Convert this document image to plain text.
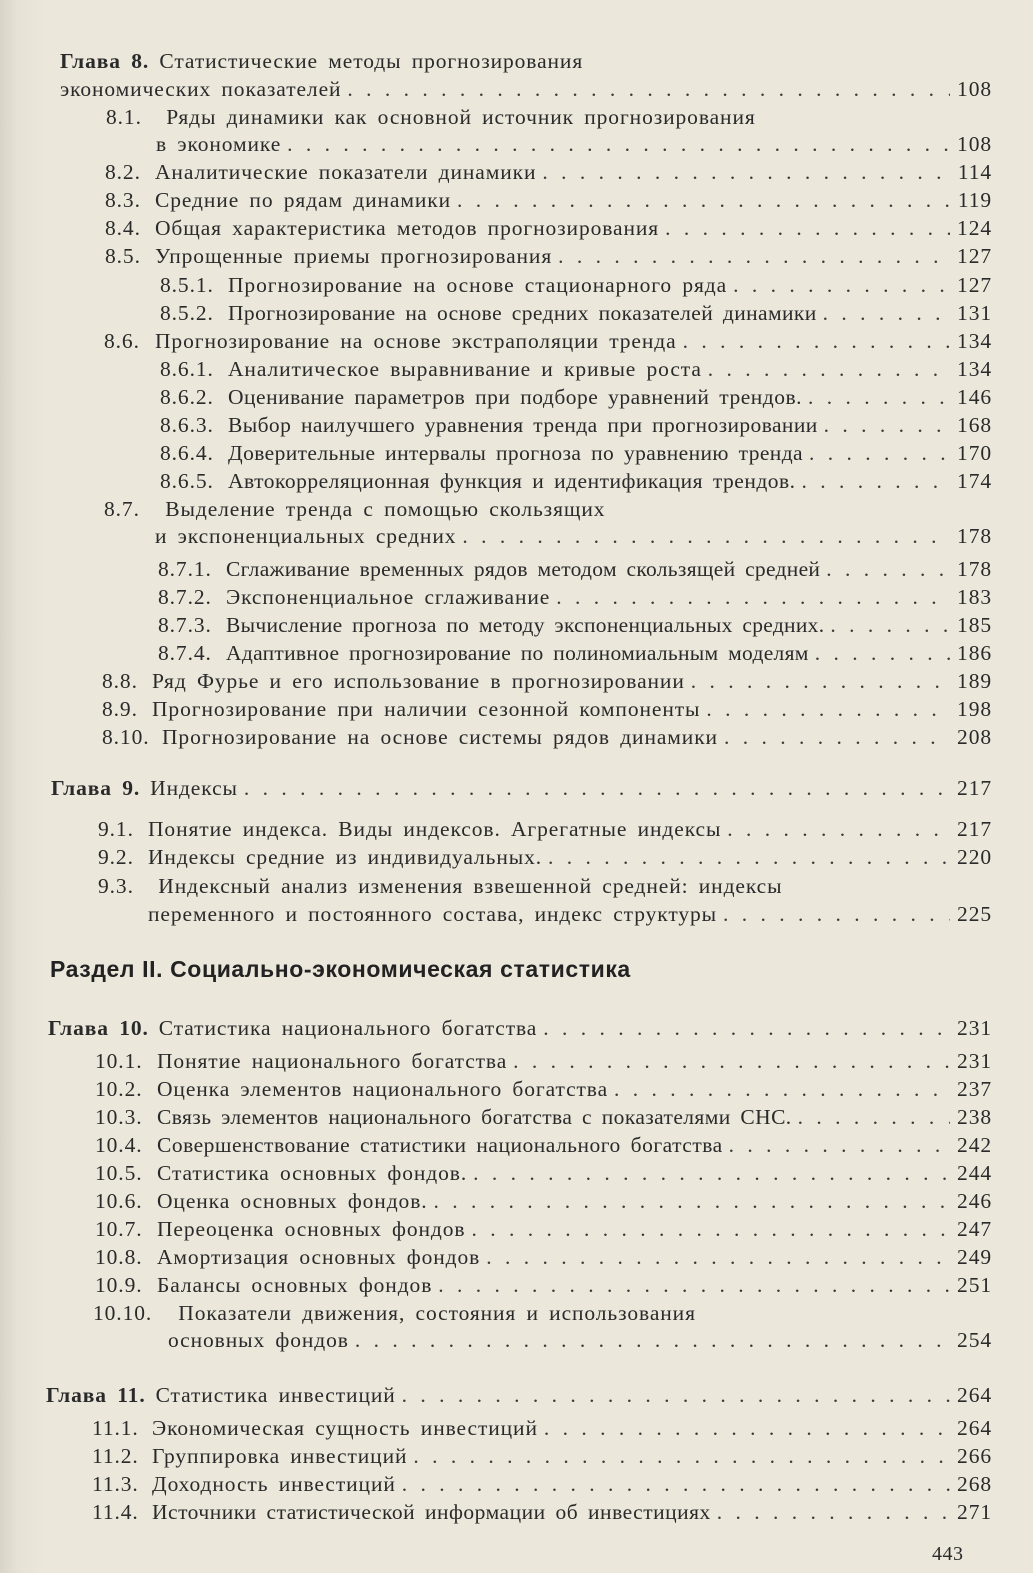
Глава 8. Статистические методы прогнозирования
экономических показателей . . .	108
8.1. Ряды динамики как основной источник прогнозирования
в экономике . . .	108
8.2. Аналитические показатели динамики . . .	114
8.3. Средние по рядам динамики . . .	119
8.4. Общая характеристика методов прогнозирования . . .	124
8.5. Упрощенные приемы прогнозирования . . .	127
8.5.1. Прогнозирование на основе стационарного ряда . . .	127
8.5.2. Прогнозирование на основе средних показателей динамики . . .	131
8.6. Прогнозирование на основе экстраполяции тренда . . .	134
8.6.1. Аналитическое выравнивание и кривые роста . . .	134
8.6.2. Оценивание параметров при подборе уравнений трендов. . . .	146
8.6.3. Выбор наилучшего уравнения тренда при прогнозировании . . .	168
8.6.4. Доверительные интервалы прогноза по уравнению тренда . . .	170
8.6.5. Автокорреляционная функция и идентификация трендов. . . .	174
8.7. Выделение тренда с помощью скользящих
и экспоненциальных средних . . .	178
8.7.1. Сглаживание временных рядов методом скользящей средней . . .	178
8.7.2. Экспоненциальное сглаживание . . .	183
8.7.3. Вычисление прогноза по методу экспоненциальных средних. . . .	185
8.7.4. Адаптивное прогнозирование по полиномиальным моделям . . .	186
8.8. Ряд Фурье и его использование в прогнозировании . . .	189
8.9. Прогнозирование при наличии сезонной компоненты . . .	198
8.10. Прогнозирование на основе системы рядов динамики . . .	208
Глава 9. Индексы . . .	217
9.1. Понятие индекса. Виды индексов. Агрегатные индексы . . .	217
9.2. Индексы средние из индивидуальных. . . .	220
9.3. Индексный анализ изменения взвешенной средней: индексы
переменного и постоянного состава, индекс структуры . . .	225
Раздел II. Социально-экономическая статистика
Глава 10. Статистика национального богатства . . .	231
10.1. Понятие национального богатства . . .	231
10.2. Оценка элементов национального богатства . . .	237
10.3. Связь элементов национального богатства с показателями СНС. . . .	238
10.4. Совершенствование статистики национального богатства . . .	242
10.5. Статистика основных фондов. . . .	244
10.6. Оценка основных фондов. . . .	246
10.7. Переоценка основных фондов . . .	247
10.8. Амортизация основных фондов . . .	249
10.9. Балансы основных фондов . . .	251
10.10. Показатели движения, состояния и использования
основных фондов . . .	254
Глава 11. Статистика инвестиций . . .	264
11.1. Экономическая сущность инвестиций . . .	264
11.2. Группировка инвестиций . . .	266
11.3. Доходность инвестиций . . .	268
11.4. Источники статистической информации об инвестициях . . .	271
443
